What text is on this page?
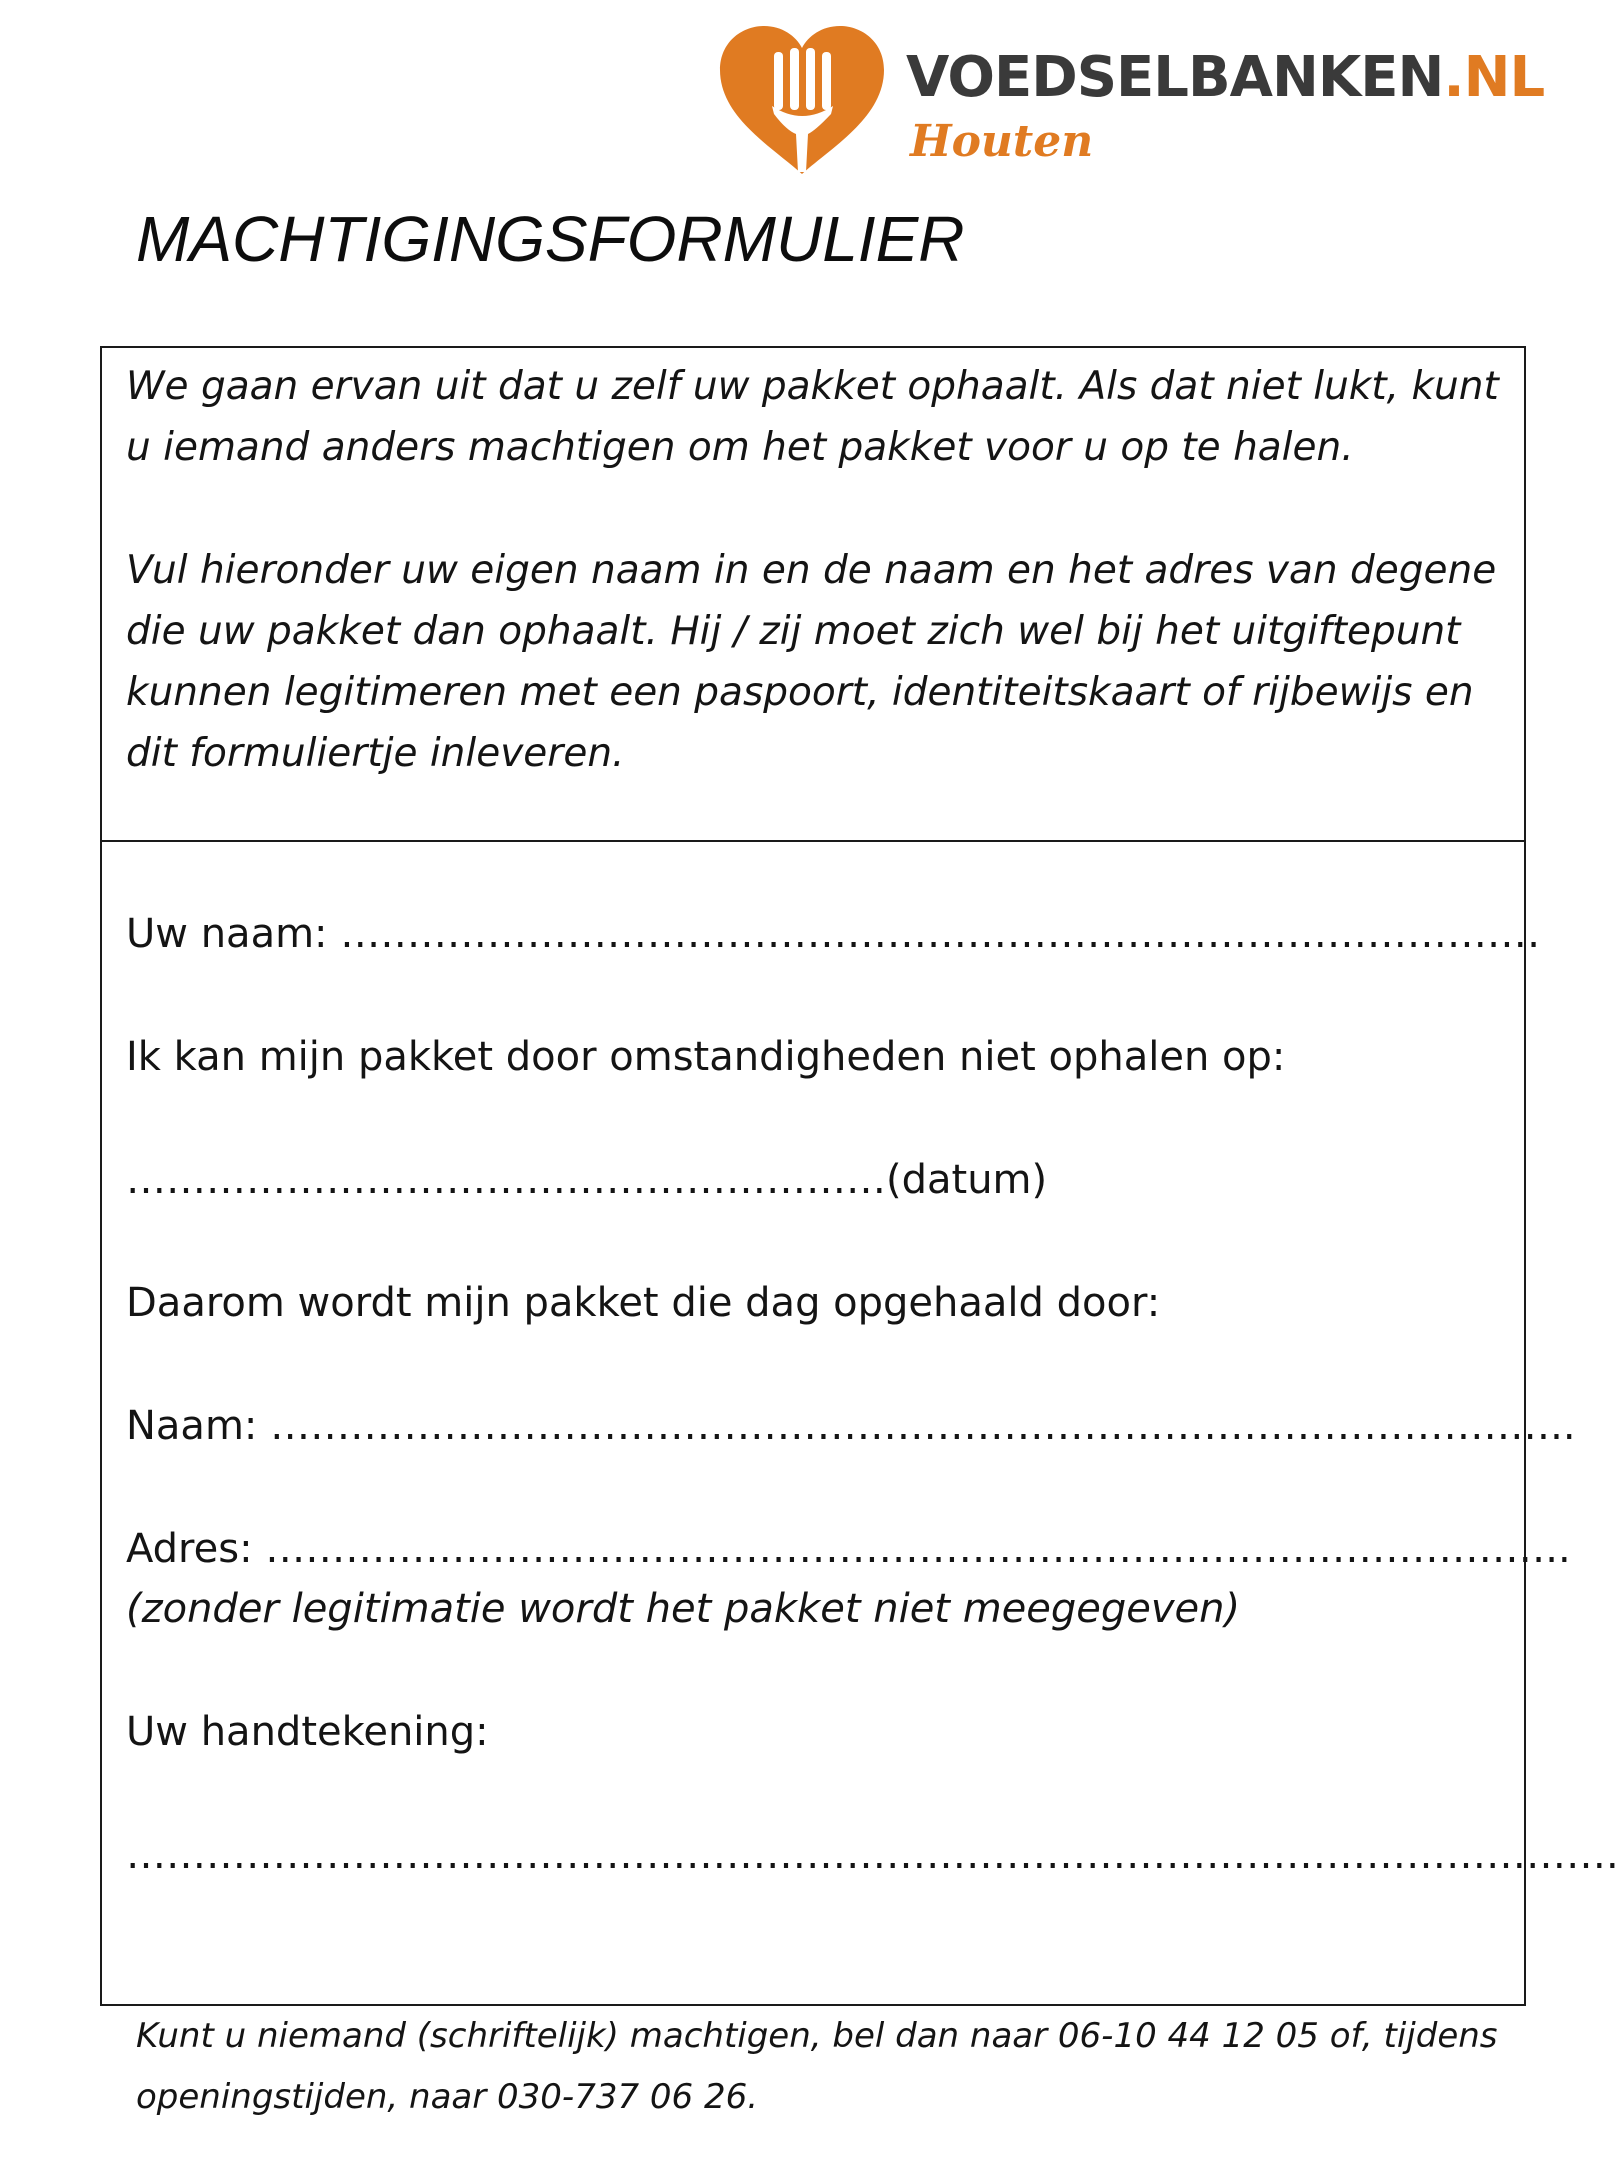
VOEDSELBANKEN.NL
Houten
MACHTIGINGSFORMULIER

We gaan ervan uit dat u zelf uw pakket ophaalt. Als dat niet lukt, kunt u iemand anders machtigen om het pakket voor u op te halen.

Vul hieronder uw eigen naam in en de naam en het adres van degene die uw pakket dan ophaalt. Hij / zij moet zich wel bij het uitgiftepunt kunnen legitimeren met een paspoort, identiteitskaart of rijbewijs en dit formuliertje inleveren.

Uw naam: ………………………………………………………………………………

Ik kan mijn pakket door omstandigheden niet ophalen op:

…………………………………………………(datum)

Daarom wordt mijn pakket die dag opgehaald door:

Naam: ……………………………………………………………………………………..

Adres: ……………………………………………………………………………………..

(zonder legitimatie wordt het pakket niet meegegeven)

Uw handtekening:

………………………………………………………………………………………………….

Kunt u niemand (schriftelijk) machtigen, bel dan naar 06-10 44 12 05 of, tijdens openingstijden, naar 030-737 06 26.
